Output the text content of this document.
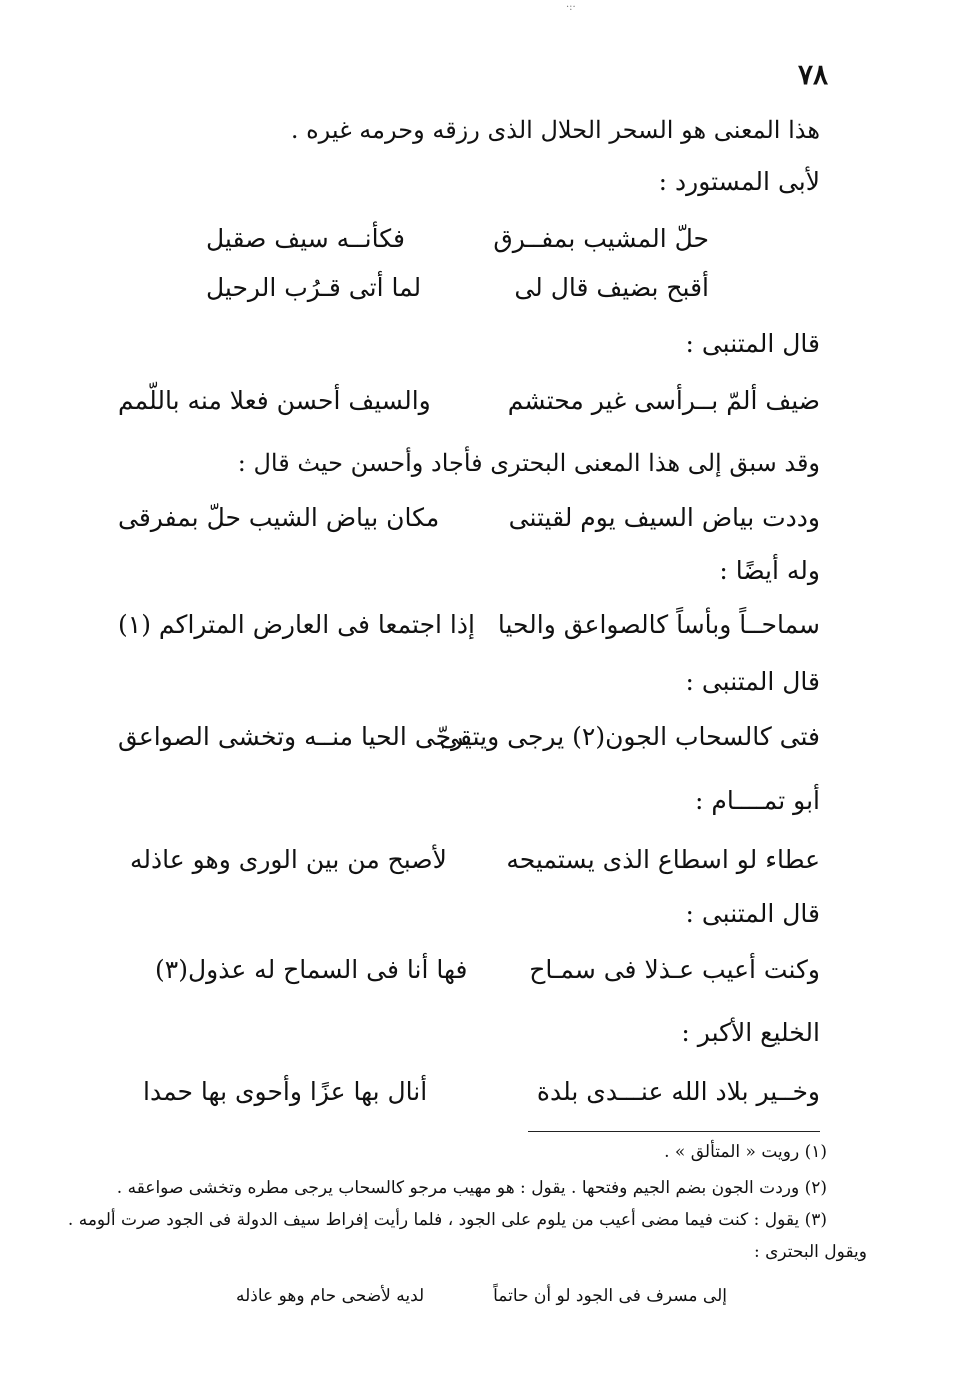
·:·
٧٨
هذا المعنى هو السحر الحلال الذى رزقه وحرمه غيره .
لأبى المستورد :
حلّ المشيب بمفــرق
فكأنــه سيف صقيل
أقبح بضيف قال لى
لما أتى قـرُب الرحيل
قال المتنبى :
ضيف ألمّ بــرأسى غير محتشم
والسيف أحسن فعلا منه باللّمم
وقد سبق إلى هذا المعنى البحترى فأجاد وأحسن حيث قال :
وددت بياض السيف يوم لقيتنى
مكان بياض الشيب حلّ بمفرقى
وله أيضًا :
سماحــاً وبأساً كالصواعق والحيا
إذا اجتمعا فى العارض المتراكم (١)
قال المتنبى :
فتى كالسحاب الجون(٢) يرجى ويتقى
يرجّى الحيا منــه وتخشى الصواعق
أبو تمــــام :
عطاء لو اسطاع الذى يستميحه
لأصبح من بين الورى وهو عاذله
قال المتنبى :
وكنت أعيب عـذلا فى سمـاح
فها أنا فى السماح له عذول(٣)
الخليع الأكبر :
وخــير بلاد الله عنـــدى بلدة
أنال بها عزًا وأحوى بها حمدا
(١) رويت « المتألق » .
(٢) وردت الجون بضم الجيم وفتحها . يقول : هو مهيب مرجو كالسحاب يرجى مطره وتخشى صواعقه .
(٣) يقول : كنت فيما مضى أعيب من يلوم على الجود ، فلما رأيت إفراط سيف الدولة فى الجود صرت ألومه .
ويقول البحترى :
إلى مسرف فى الجود لو أن حاتماً
لديه لأضحى حام وهو عاذله
